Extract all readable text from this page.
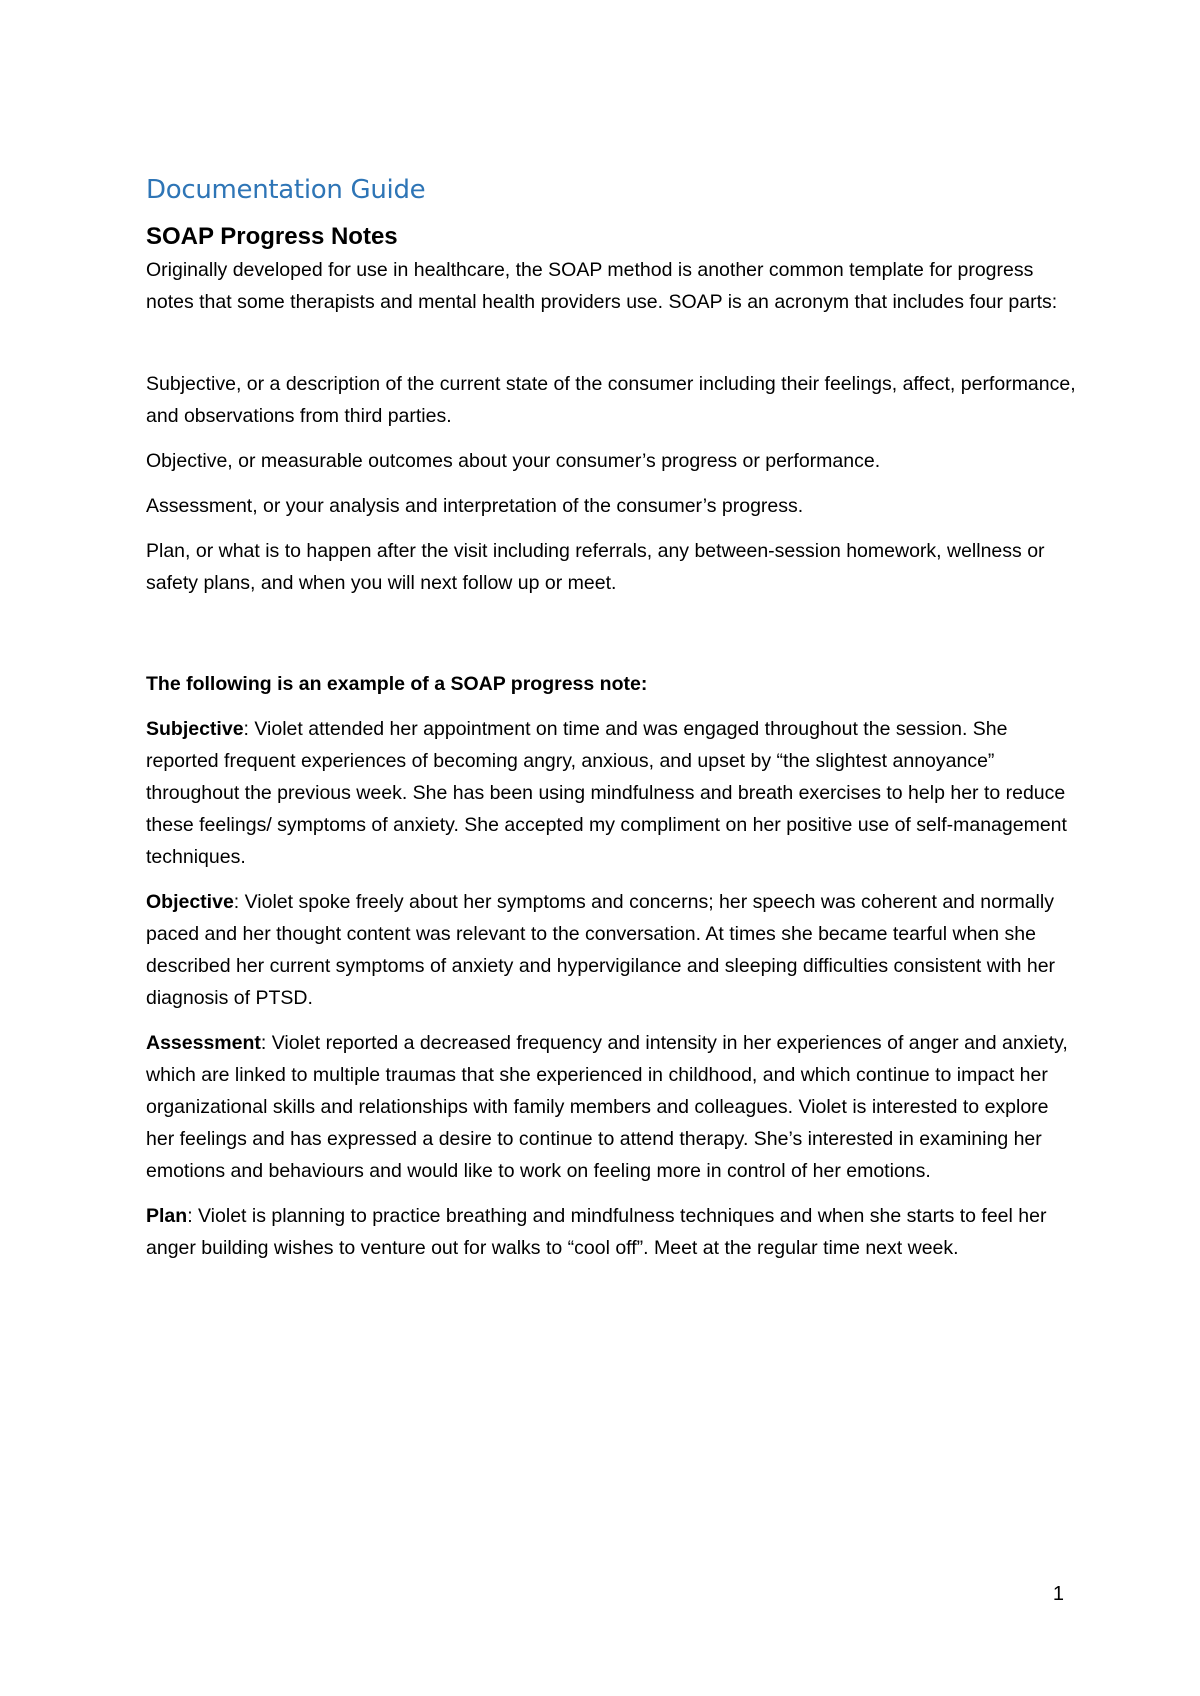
Documentation Guide
SOAP Progress Notes

Originally developed for use in healthcare, the SOAP method is another common template for progress notes that some therapists and mental health providers use. SOAP is an acronym that includes four parts:

Subjective, or a description of the current state of the consumer including their feelings, affect, performance, and observations from third parties.

Objective, or measurable outcomes about your consumer’s progress or performance.

Assessment, or your analysis and interpretation of the consumer’s progress.

Plan, or what is to happen after the visit including referrals, any between-session homework, wellness or safety plans, and when you will next follow up or meet.

The following is an example of a SOAP progress note:

Subjective: Violet attended her appointment on time and was engaged throughout the session. She reported frequent experiences of becoming angry, anxious, and upset by “the slightest annoyance” throughout the previous week. She has been using mindfulness and breath exercises to help her to reduce these feelings/ symptoms of anxiety. She accepted my compliment on her positive use of self-management techniques.

Objective: Violet spoke freely about her symptoms and concerns; her speech was coherent and normally paced and her thought content was relevant to the conversation. At times she became tearful when she described her current symptoms of anxiety and hypervigilance and sleeping difficulties consistent with her diagnosis of PTSD.

Assessment: Violet reported a decreased frequency and intensity in her experiences of anger and anxiety, which are linked to multiple traumas that she experienced in childhood, and which continue to impact her organizational skills and relationships with family members and colleagues. Violet is interested to explore her feelings and has expressed a desire to continue to attend therapy. She’s interested in examining her emotions and behaviours and would like to work on feeling more in control of her emotions.

Plan: Violet is planning to practice breathing and mindfulness techniques and when she starts to feel her anger building wishes to venture out for walks to “cool off”. Meet at the regular time next week.

1
